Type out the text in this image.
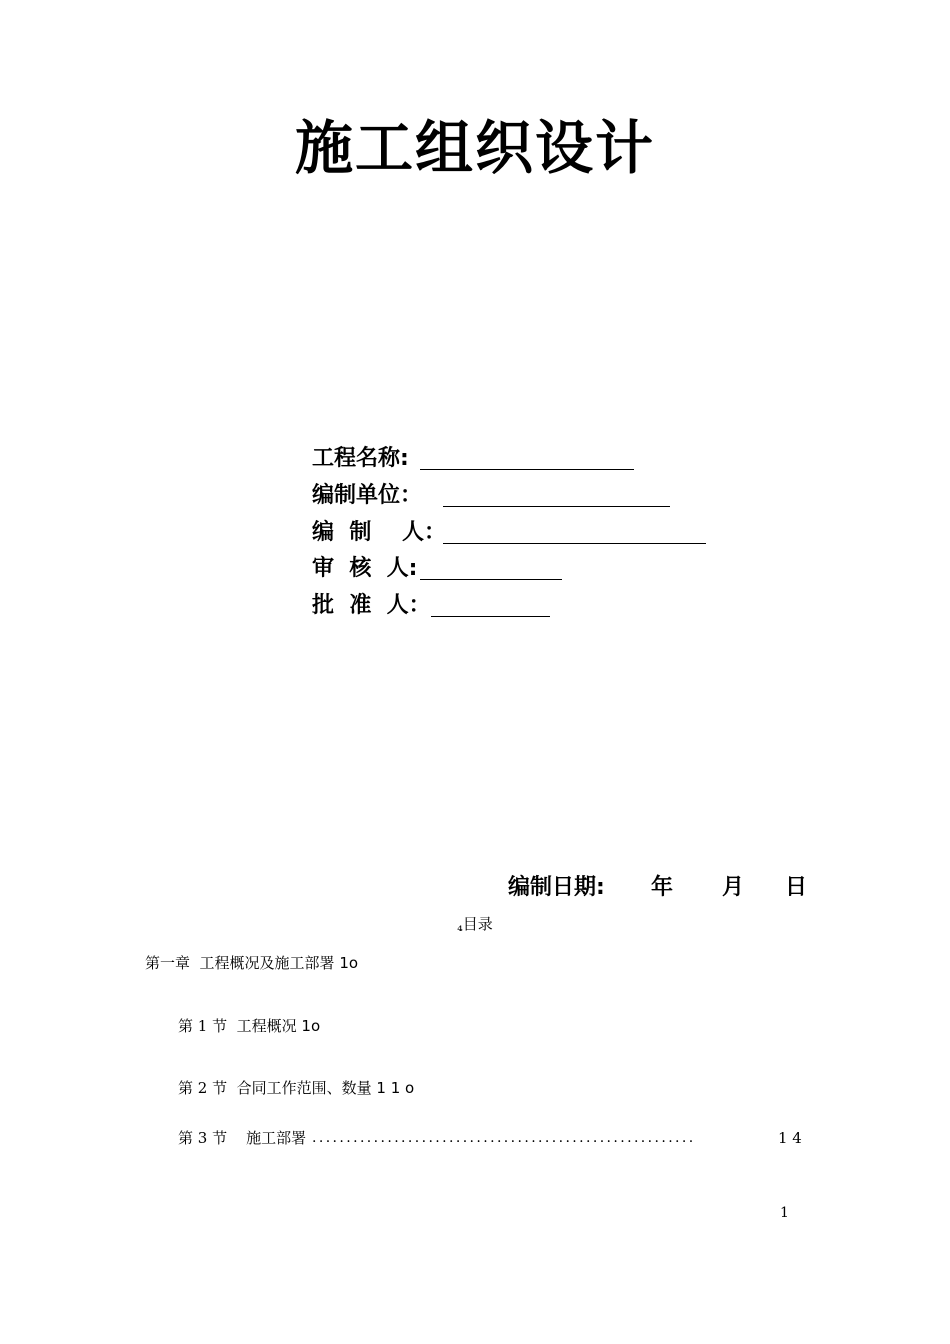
施工组织设计
工程名称:
编制单位：
编  制    人：
审  核  人:
批  准  人：
编制日期: 年 月 日
₄目录
第一章  工程概况及施工部署 1o
第 1 节  工程概况 1o
第 2 节  合同工作范围、数量 1 1 o
第 3 节    施工部署 ........................................................	1 4
1
